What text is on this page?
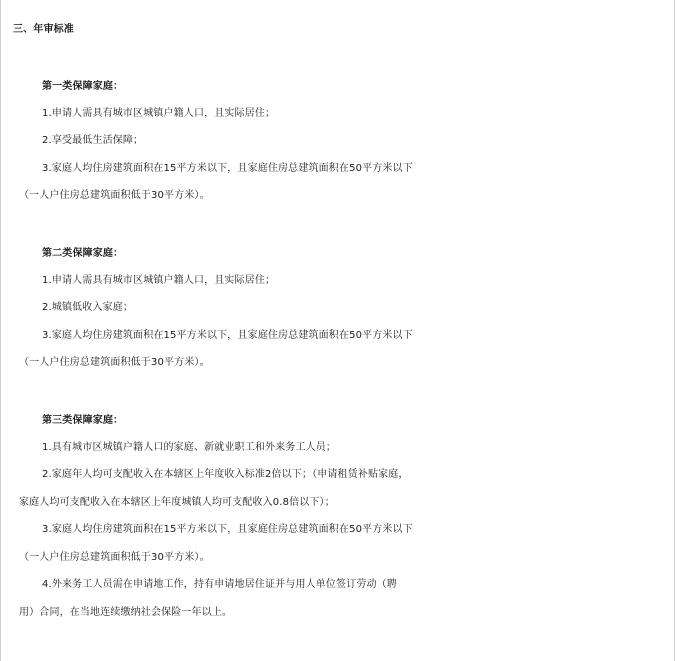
三、年审标准
第一类保障家庭：
1.申请人需具有城市区城镇户籍人口，且实际居住；
2.享受最低生活保障；
3.家庭人均住房建筑面积在15平方米以下，且家庭住房总建筑面积在50平方米以下
（一人户住房总建筑面积低于30平方米）。
第二类保障家庭：
1.申请人需具有城市区城镇户籍人口，且实际居住；
2.城镇低收入家庭；
3.家庭人均住房建筑面积在15平方米以下，且家庭住房总建筑面积在50平方米以下
（一人户住房总建筑面积低于30平方米）。
第三类保障家庭：
1.具有城市区城镇户籍人口的家庭、新就业职工和外来务工人员；
2.家庭年人均可支配收入在本辖区上年度收入标准2倍以下；（申请租赁补贴家庭，
家庭人均可支配收入在本辖区上年度城镇人均可支配收入0.8倍以下）；
3.家庭人均住房建筑面积在15平方米以下，且家庭住房总建筑面积在50平方米以下
（一人户住房总建筑面积低于30平方米）。
4.外来务工人员需在申请地工作，持有申请地居住证并与用人单位签订劳动（聘
用）合同，在当地连续缴纳社会保险一年以上。
